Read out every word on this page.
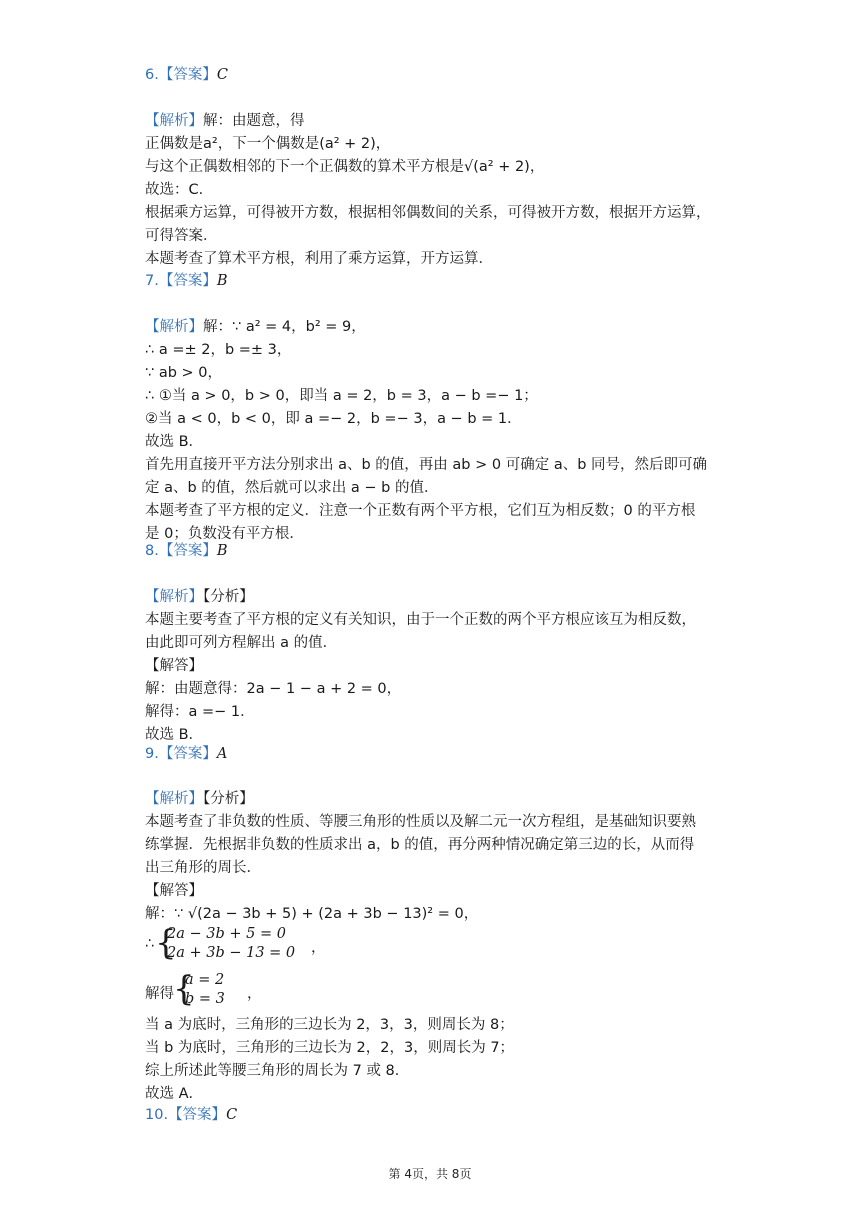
6.【答案】C
【解析】解：由题意，得
正偶数是a²，下一个偶数是(a² + 2)，
与这个正偶数相邻的下一个正偶数的算术平方根是√(a² + 2)，
故选：C．
根据乘方运算，可得被开方数，根据相邻偶数间的关系，可得被开方数，根据开方运算，
可得答案．
本题考查了算术平方根，利用了乘方运算，开方运算．
7.【答案】B
【解析】解：∵ a² = 4，b² = 9，
∴ a =± 2，b =± 3，
∵ ab > 0，
∴ ①当 a > 0，b > 0，即当 a = 2，b = 3，a − b =− 1；
②当 a < 0，b < 0，即 a =− 2，b =− 3，a − b = 1．
故选 B．
首先用直接开平方法分别求出 a、b 的值，再由 ab > 0 可确定 a、b 同号，然后即可确
定 a、b 的值，然后就可以求出 a − b 的值．
本题考查了平方根的定义．注意一个正数有两个平方根，它们互为相反数；0 的平方根
是 0；负数没有平方根．
8.【答案】B
【解析】【分析】
本题主要考查了平方根的定义有关知识，由于一个正数的两个平方根应该互为相反数，
由此即可列方程解出 a 的值．
【解答】
解：由题意得：2a − 1 − a + 2 = 0，
解得：a =− 1．
故选 B．
9.【答案】A
【解析】【分析】
本题考查了非负数的性质、等腰三角形的性质以及解二元一次方程组，是基础知识要熟
练掌握．先根据非负数的性质求出 a，b 的值，再分两种情况确定第三边的长，从而得
出三角形的周长．
【解答】
解：∵ √(2a − 3b + 5) + (2a + 3b − 13)² = 0，
∴ {
2a − 3b + 5 = 0
2a + 3b − 13 = 0 ，
解得 {
a = 2
b = 3 ，
当 a 为底时，三角形的三边长为 2，3，3，则周长为 8；
当 b 为底时，三角形的三边长为 2，2，3，则周长为 7；
综上所述此等腰三角形的周长为 7 或 8．
故选 A．
10.【答案】C
第 4页，共 8页
